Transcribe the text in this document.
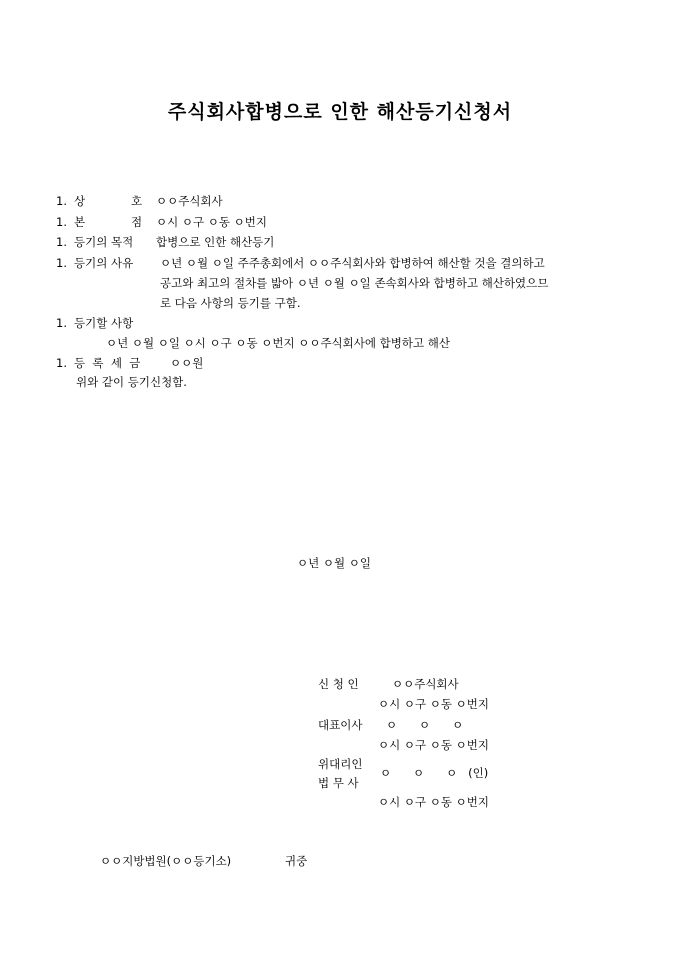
주식회사합병으로 인한 해산등기신청서
1. 상	호 ㅇㅇ주식회사
1. 본	점 ㅇ시 ㅇ구 ㅇ동 ㅇ번지
1. 등기의 목적 합병으로 인한 해산등기
1. 등기의 사유 ㅇ년 ㅇ월 ㅇ일 주주총회에서 ㅇㅇ주식회사와 합병하여 해산할 것을 결의하고
공고와 최고의 절차를 밟아 ㅇ년 ㅇ월 ㅇ일 존속회사와 합병하고 해산하였으므
로 다음 사항의 등기를 구함.
1. 등기할 사항
ㅇ년 ㅇ월 ㅇ일 ㅇ시 ㅇ구 ㅇ동 ㅇ번지 ㅇㅇ주식회사에 합병하고 해산
1. 등  록  세  금	ㅇㅇ원
위와 같이 등기신청함.
ㅇ년 ㅇ월 ㅇ일
신 청 인	ㅇㅇ주식회사
ㅇ시 ㅇ구 ㅇ동 ㅇ번지
대표이사 ㅇ      ㅇ      ㅇ
ㅇ시 ㅇ구 ㅇ동 ㅇ번지
위대리인
ㅇ      ㅇ      ㅇ   (인)
법 무 사
ㅇ시 ㅇ구 ㅇ동 ㅇ번지
ㅇㅇ지방법원(ㅇㅇ등기소)	귀중
